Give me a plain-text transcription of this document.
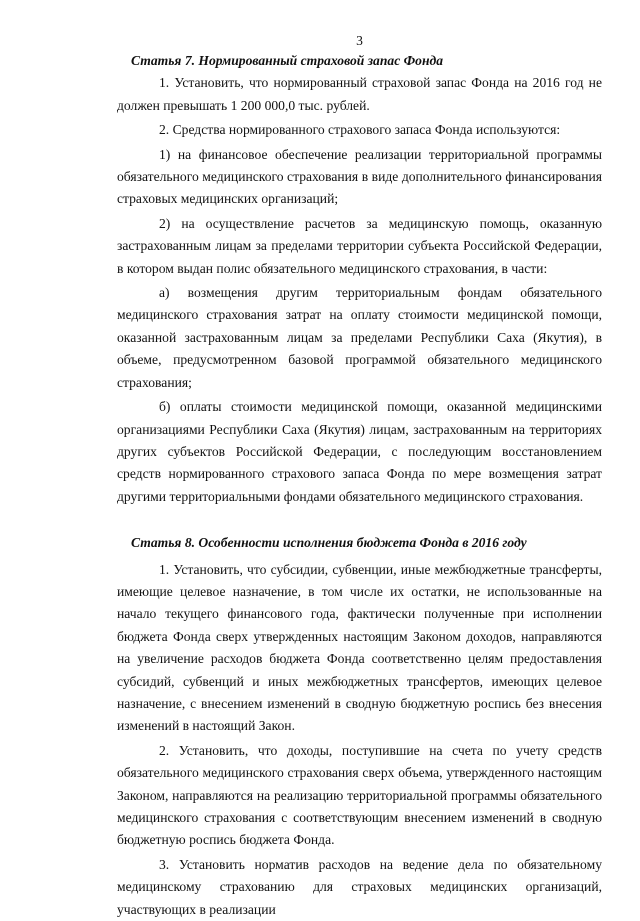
3
Статья 7. Нормированный страховой запас Фонда

1. Установить, что нормированный страховой запас Фонда на 2016 год не должен превышать 1 200 000,0 тыс. рублей.

2. Средства нормированного страхового запаса Фонда используются:

1) на финансовое обеспечение реализации территориальной программы обязательного медицинского страхования в виде дополнительного финансирования страховых медицинских организаций;

2) на осуществление расчетов за медицинскую помощь, оказанную застрахованным лицам за пределами территории субъекта Российской Федерации, в котором выдан полис обязательного медицинского страхования, в части:

а) возмещения другим территориальным фондам обязательного медицинского страхования затрат на оплату стоимости медицинской помощи, оказанной застрахованным лицам за пределами Республики Саха (Якутия), в объеме, предусмотренном базовой программой обязательного медицинского страхования;

б) оплаты стоимости медицинской помощи, оказанной медицинскими организациями Республики Саха (Якутия) лицам, застрахованным на территориях других субъектов Российской Федерации, с последующим восстановлением средств нормированного страхового запаса Фонда по мере возмещения затрат другими территориальными фондами обязательного медицинского страхования.

Статья 8. Особенности исполнения бюджета Фонда в 2016 году

1. Установить, что субсидии, субвенции, иные межбюджетные трансферты, имеющие целевое назначение, в том числе их остатки, не использованные на начало текущего финансового года, фактически полученные при исполнении бюджета Фонда сверх утвержденных настоящим Законом доходов, направляются на увеличение расходов бюджета Фонда соответственно целям предоставления субсидий, субвенций и иных межбюджетных трансфертов, имеющих целевое назначение, с внесением изменений в сводную бюджетную роспись без внесения изменений в настоящий Закон.

2. Установить, что доходы, поступившие на счета по учету средств обязательного медицинского страхования сверх объема, утвержденного настоящим Законом, направляются на реализацию территориальной программы обязательного медицинского страхования с соответствующим внесением изменений в сводную бюджетную роспись бюджета Фонда.

3. Установить норматив расходов на ведение дела по обязательному медицинскому страхованию для страховых медицинских организаций, участвующих в реализации
